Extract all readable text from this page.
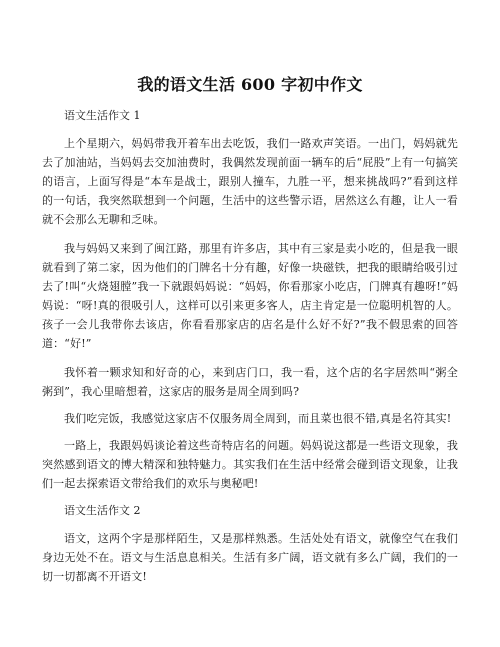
我的语文生活 600 字初中作文
语文生活作文 1

上个星期六，妈妈带我开着车出去吃饭，我们一路欢声笑语。一出门，妈妈就先去了加油站，当妈妈去交加油费时，我偶然发现前面一辆车的后“屁股”上有一句搞笑的语言，上面写得是“本车是战士，跟别人撞车，九胜一平，想来挑战吗?”看到这样的一句话，我突然联想到一个问题，生活中的这些警示语，居然这么有趣，让人一看就不会那么无聊和乏味。

我与妈妈又来到了闽江路，那里有许多店，其中有三家是卖小吃的，但是我一眼就看到了第二家，因为他们的门牌名十分有趣，好像一块磁铁，把我的眼睛给吸引过去了!叫“火烧翅膛”我一下就跟妈妈说：“妈妈，你看那家小吃店，门牌真有趣呀!”妈妈说：“呀!真的很吸引人，这样可以引来更多客人，店主肯定是一位聪明机智的人。孩子一会儿我带你去该店，你看看那家店的店名是什么好不好?”我不假思索的回答道：“好!”

我怀着一颗求知和好奇的心，来到店门口，我一看，这个店的名字居然叫“粥全粥到”，我心里暗想着，这家店的服务是周全周到吗?

我们吃完饭，我感觉这家店不仅服务周全周到，而且菜也很不错,真是名符其实!

一路上，我跟妈妈谈论着这些奇特店名的问题。妈妈说这都是一些语文现象，我突然感到语文的博大精深和独特魅力。其实我们在生活中经常会碰到语文现象，让我们一起去探索语文带给我们的欢乐与奥秘吧!

语文生活作文 2

语文，这两个字是那样陌生，又是那样熟悉。生活处处有语文，就像空气在我们身边无处不在。语文与生活息息相关。生活有多广阔，语文就有多么广阔，我们的一切一切都离不开语文!
